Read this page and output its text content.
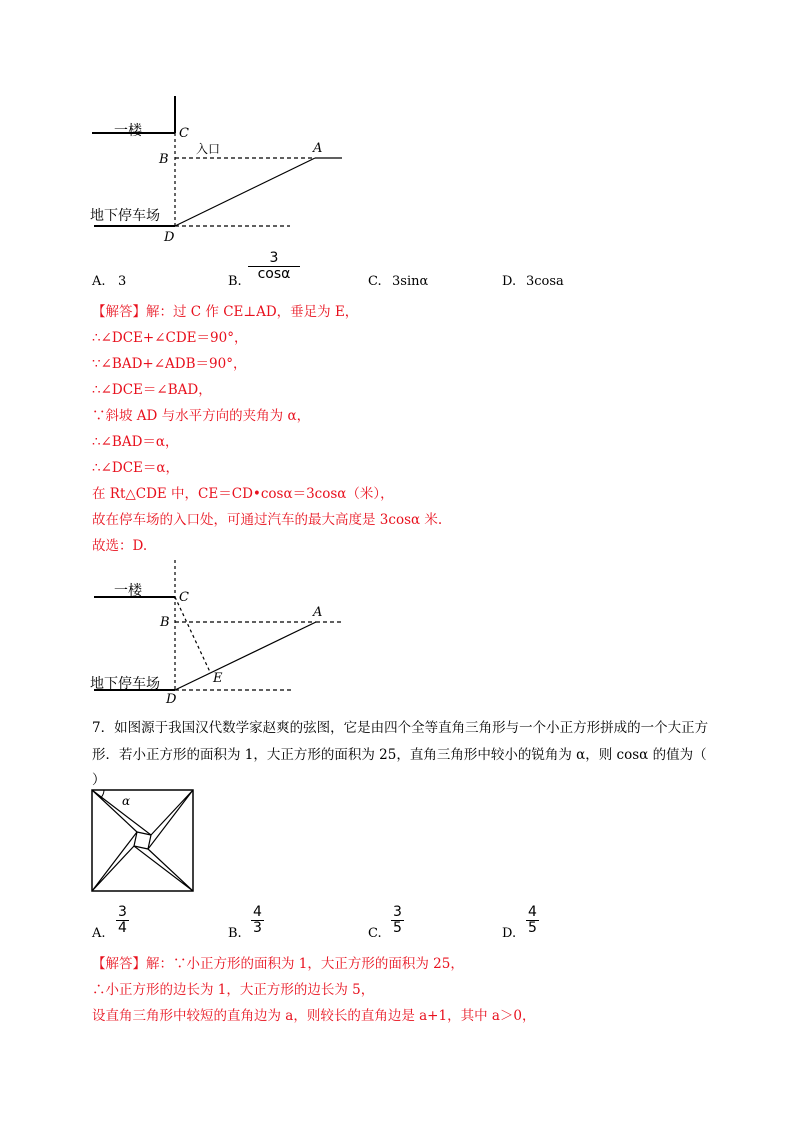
一楼
入口
地下停车场
C
B
A
D
A. 3	B. $\frac{3}{\cos\alpha}$	C. 3sinα	D. 3cosa
【解答】解：过 C 作 CE⊥AD，垂足为 E，
∴∠DCE+∠CDE＝90°，
∵∠BAD+∠ADB＝90°，
∴∠DCE＝∠BAD，
∵斜坡 AD 与水平方向的夹角为 α，
∴∠BAD＝α，
∴∠DCE＝α，
在 Rt△CDE 中，CE＝CD•cosα＝3cosα（米），
故在停车场的入口处，可通过汽车的最大高度是 3cosα 米.
故选：D.
一楼
地下停车场
C
B
A
E
D
7．如图源于我国汉代数学家赵爽的弦图，它是由四个全等直角三角形与一个小正方形拼成的一个大正方
形．若小正方形的面积为 1，大正方形的面积为 25，直角三角形中较小的锐角为 α，则 cosα 的值为（
）
α
A. $\frac{3}{4}$	B. $\frac{4}{3}$	C. $\frac{3}{5}$	D. $\frac{4}{5}$
【解答】解：∵小正方形的面积为 1，大正方形的面积为 25，
∴小正方形的边长为 1，大正方形的边长为 5，
设直角三角形中较短的直角边为 a，则较长的直角边是 a+1，其中 a＞0，
